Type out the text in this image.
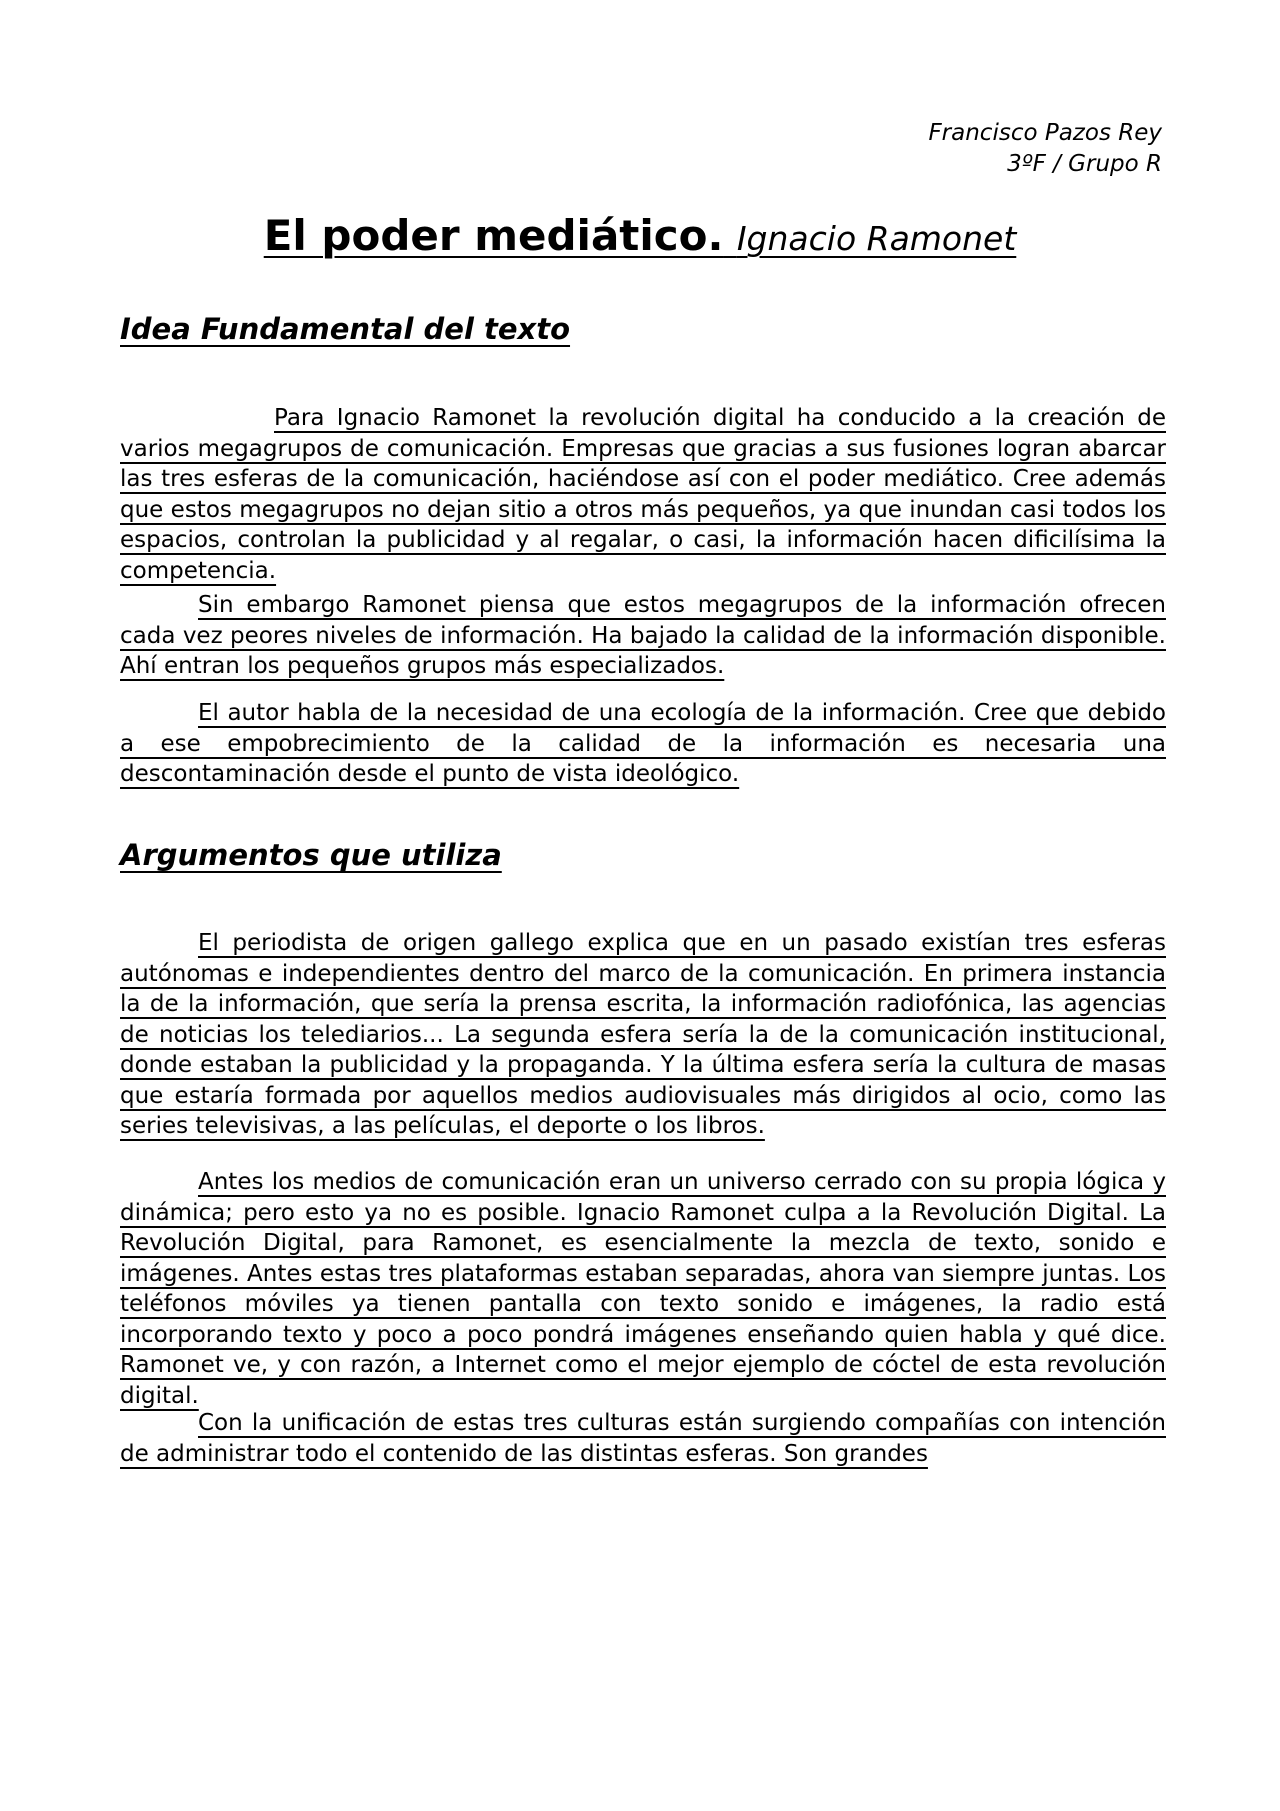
Francisco Pazos Rey
3ºF / Grupo R
El poder mediático. Ignacio Ramonet
Idea Fundamental del texto

Para Ignacio Ramonet la revolución digital ha conducido a la creación de varios megagrupos de comunicación. Empresas que gracias a sus fusiones logran abarcar las tres esferas de la comunicación, haciéndose así con el poder mediático. Cree además que estos megagrupos no dejan sitio a otros más pequeños, ya que inundan casi todos los espacios, controlan la publicidad y al regalar, o casi, la información hacen dificilísima la competencia.

Sin embargo Ramonet piensa que estos megagrupos de la información ofrecen cada vez peores niveles de información. Ha bajado la calidad de la información disponible. Ahí entran los pequeños grupos más especializados.

El autor habla de la necesidad de una ecología de la información. Cree que debido a ese empobrecimiento de la calidad de la información es necesaria una descontaminación desde el punto de vista ideológico.

Argumentos que utiliza

El periodista de origen gallego explica que en un pasado existían tres esferas autónomas e independientes dentro del marco de la comunicación. En primera instancia la de la información, que sería la prensa escrita, la información radiofónica, las agencias de noticias los telediarios... La segunda esfera sería la de la comunicación institucional, donde estaban la publicidad y la propaganda. Y la última esfera sería la cultura de masas que estaría formada por aquellos medios audiovisuales más dirigidos al ocio, como las series televisivas, a las películas, el deporte o los libros.

Antes los medios de comunicación eran un universo cerrado con su propia lógica y dinámica; pero esto ya no es posible. Ignacio Ramonet culpa a la Revolución Digital. La Revolución Digital, para Ramonet, es esencialmente la mezcla de texto, sonido e imágenes. Antes estas tres plataformas estaban separadas, ahora van siempre juntas. Los teléfonos móviles ya tienen pantalla con texto sonido e imágenes, la radio está incorporando texto y poco a poco pondrá imágenes enseñando quien habla y qué dice. Ramonet ve, y con razón, a Internet como el mejor ejemplo de cóctel de esta revolución digital.

Con la unificación de estas tres culturas están surgiendo compañías con intención de administrar todo el contenido de las distintas esferas. Son grandes
